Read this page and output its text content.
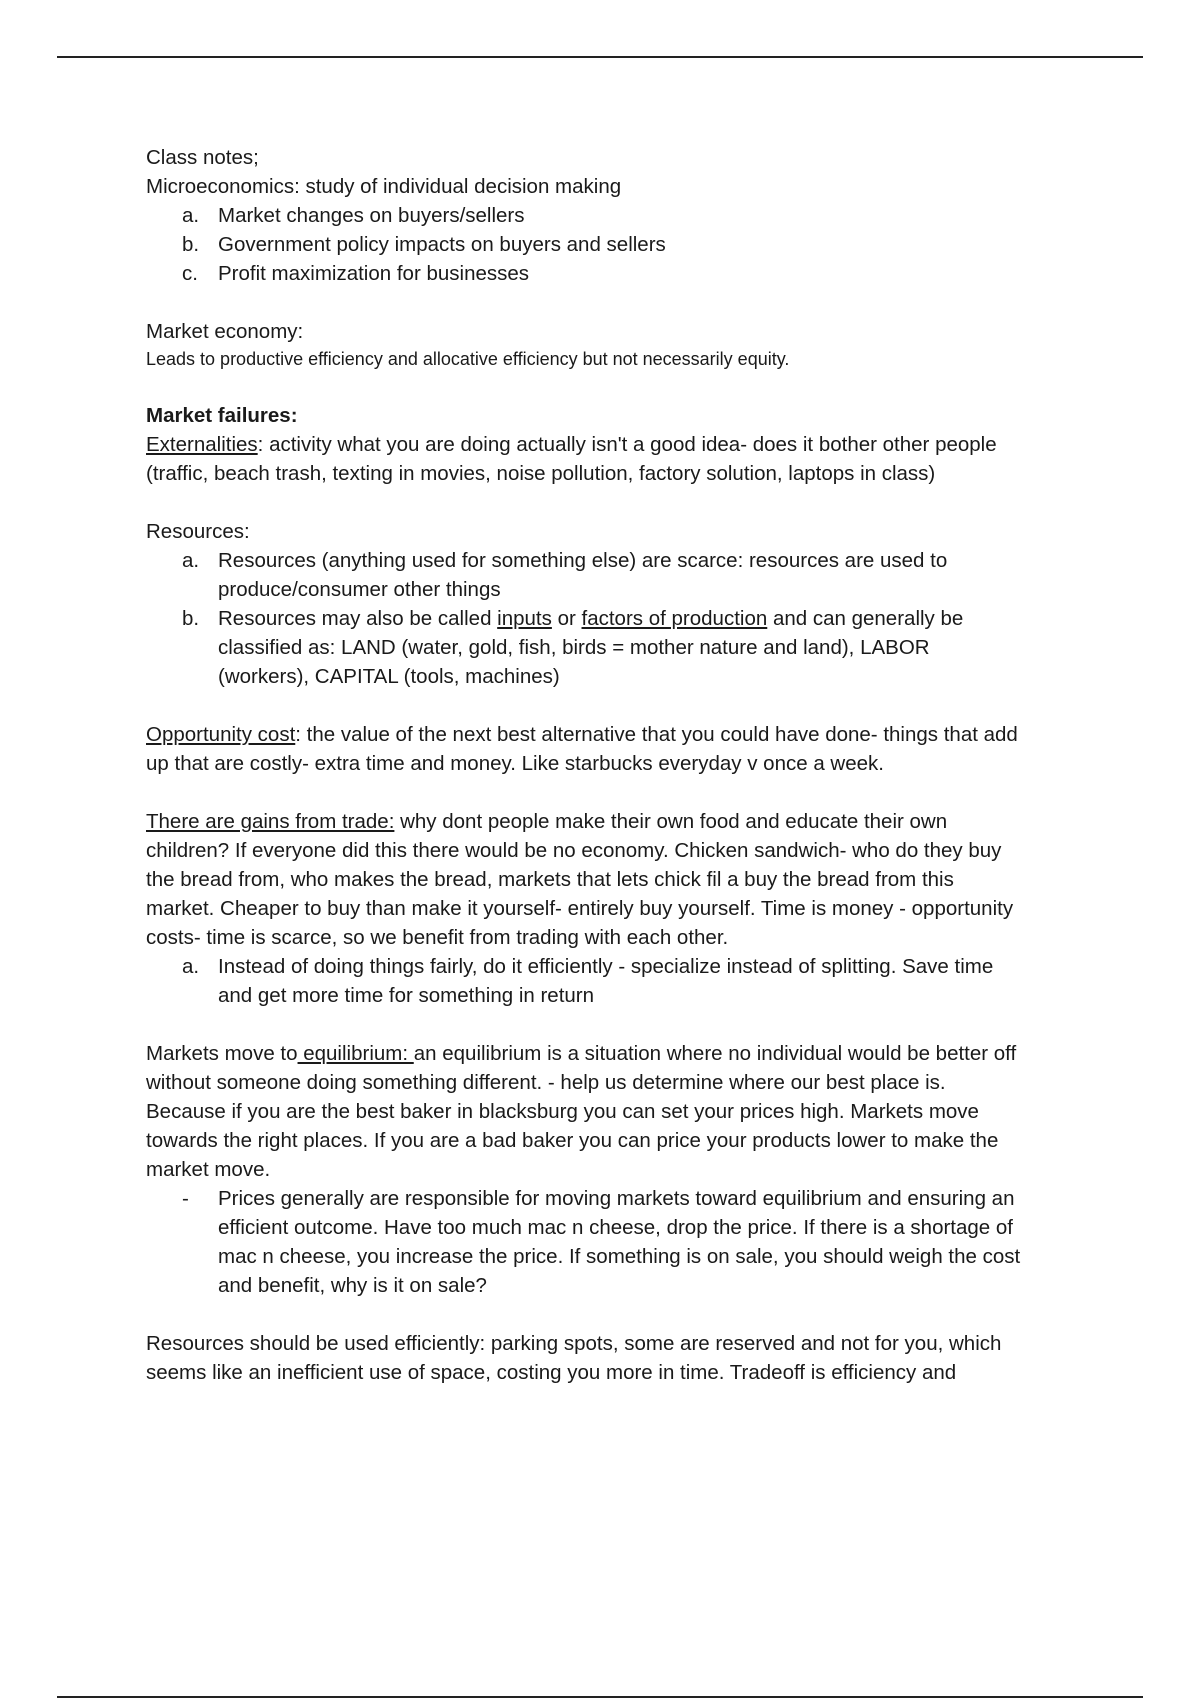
Class notes;

Microeconomics: study of individual decision making

a. Market changes on buyers/sellers
b. Government policy impacts on buyers and sellers
c. Profit maximization for businesses

Market economy:

Leads to productive efficiency and allocative efficiency but not necessarily equity.

Market failures:

Externalities: activity what you are doing actually isn't a good idea- does it bother other people

(traffic, beach trash, texting in movies, noise pollution, factory solution, laptops in class)

Resources:

a. Resources (anything used for something else) are scarce: resources are used to
produce/consumer other things
b. Resources may also be called inputs or factors of production and can generally be
classified as: LAND (water, gold, fish, birds = mother nature and land), LABOR
(workers), CAPITAL (tools, machines)

Opportunity cost: the value of the next best alternative that you could have done- things that add

up that are costly- extra time and money. Like starbucks everyday v once a week.

There are gains from trade: why dont people make their own food and educate their own

children? If everyone did this there would be no economy. Chicken sandwich- who do they buy

the bread from, who makes the bread, markets that lets chick fil a buy the bread from this

market. Cheaper to buy than make it yourself- entirely buy yourself. Time is money - opportunity

costs- time is scarce, so we benefit from trading with each other.

a. Instead of doing things fairly, do it efficiently - specialize instead of splitting. Save time
and get more time for something in return

Markets move to equilibrium: an equilibrium is a situation where no individual would be better off

without someone doing something different. - help us determine where our best place is.

Because if you are the best baker in blacksburg you can set your prices high. Markets move

towards the right places. If you are a bad baker you can price your products lower to make the

market move.

- Prices generally are responsible for moving markets toward equilibrium and ensuring an
efficient outcome. Have too much mac n cheese, drop the price. If there is a shortage of
mac n cheese, you increase the price. If something is on sale, you should weigh the cost
and benefit, why is it on sale?

Resources should be used efficiently: parking spots, some are reserved and not for you, which

seems like an inefficient use of space, costing you more in time. Tradeoff is efficiency and
